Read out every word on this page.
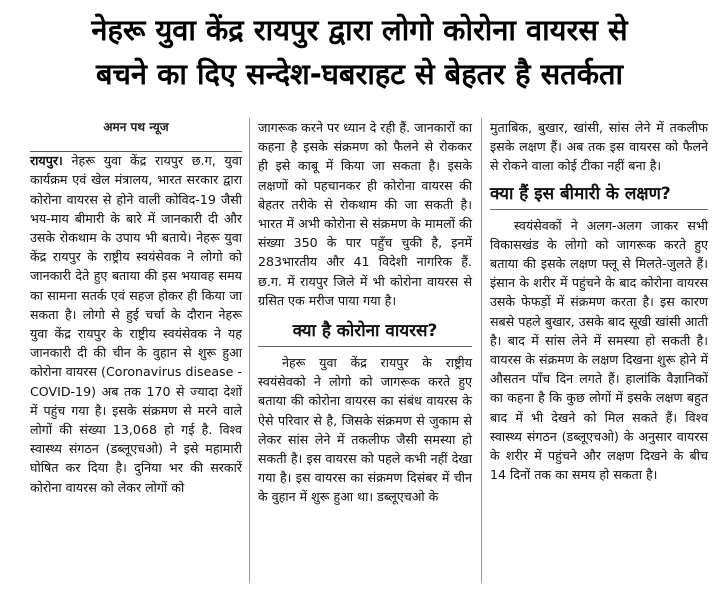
नेहरू युवा केंद्र रायपुर द्वारा लोगो कोरोना वायरस से
बचने का दिए सन्देश-घबराहट से बेहतर है सतर्कता
अमन पथ न्यूज

रायपुर। नेहरू युवा केंद्र रायपुर छ.ग, युवा कार्यक्रम एवं खेल मंत्रालय, भारत सरकार द्वारा कोरोना वायरस से होने वाली कोविद-19 जैसी भय-माय बीमारी के बारे में जानकारी दी और उसके रोकथाम के उपाय भी बताये। नेहरू युवा केंद्र रायपुर के राष्ट्रीय स्वयंसेवक ने लोगो को जानकारी देते हुए बताया की इस भयावह समय का सामना सतर्क एवं सहज होकर ही किया जा सकता है। लोगो से हुई चर्चा के दौरान नेहरू युवा केंद्र रायपुर के राष्ट्रीय स्वयंसेवक ने यह जानकारी दी की चीन के वुहान से शुरू हुआ कोरोना वायरस (Coronavirus disease - COVID-19) अब तक 170 से ज्यादा देशों में पहुंच गया है। इसके संक्रमण से मरने वाले लोगों की संख्या 13,068 हो गई है. विश्व स्वास्थ्य संगठन (डब्लूएचओ) ने इसे महामारी घोषित कर दिया है। दुनिया भर की सरकारें कोरोना वायरस को लेकर लोगों को

जागरूक करने पर ध्यान दे रही हैं. जानकारों का कहना है इसके संक्रमण को फैलने से रोककर ही इसे काबू में किया जा सकता है। इसके लक्षणों को पहचानकर ही कोरोना वायरस की बेहतर तरीके से रोकथाम की जा सकती है। भारत में अभी कोरोना से संक्रमण के मामलों की संख्या 350 के पार पहुँच चुकी है, इनमें 283भारतीय और 41 विदेशी नागरिक हैं. छ.ग. में रायपुर जिले में भी कोरोना वायरस से ग्रसित एक मरीज पाया गया है।

क्या है कोरोना वायरस?

नेहरू युवा केंद्र रायपुर के राष्ट्रीय स्वयंसेवको ने लोगो को जागरूक करते हुए बताया की कोरोना वायरस का संबंध वायरस के ऐसे परिवार से है, जिसके संक्रमण से जुकाम से लेकर सांस लेने में तकलीफ जैसी समस्या हो सकती है। इस वायरस को पहले कभी नहीं देखा गया है। इस वायरस का संक्रमण दिसंबर में चीन के वुहान में शुरू हुआ था। डब्लूएचओ के

मुताबिक, बुखार, खांसी, सांस लेने में तकलीफ इसके लक्षण हैं। अब तक इस वायरस को फैलने से रोकने वाला कोई टीका नहीं बना है।

क्या हैं इस बीमारी के लक्षण?

स्वयंसेवकों ने अलग-अलग जाकर सभी विकासखंड के लोगो को जागरूक करते हुए बताया की इसके लक्षण फ्लू से मिलते-जुलते हैं। इंसान के शरीर में पहुंचने के बाद कोरोना वायरस उसके फेफड़ों में संक्रमण करता है। इस कारण सबसे पहले बुखार, उसके बाद सूखी खांसी आती है। बाद में सांस लेने में समस्या हो सकती है। वायरस के संक्रमण के लक्षण दिखना शुरू होने में औसतन पाँच दिन लगते हैं। हालांकि वैज्ञानिकों का कहना है कि कुछ लोगों में इसके लक्षण बहुत बाद में भी देखने को मिल सकते हैं। विश्व स्वास्थ्य संगठन (डब्लूएचओ) के अनुसार वायरस के शरीर में पहुंचने और लक्षण दिखने के बीच 14 दिनों तक का समय हो सकता है।
